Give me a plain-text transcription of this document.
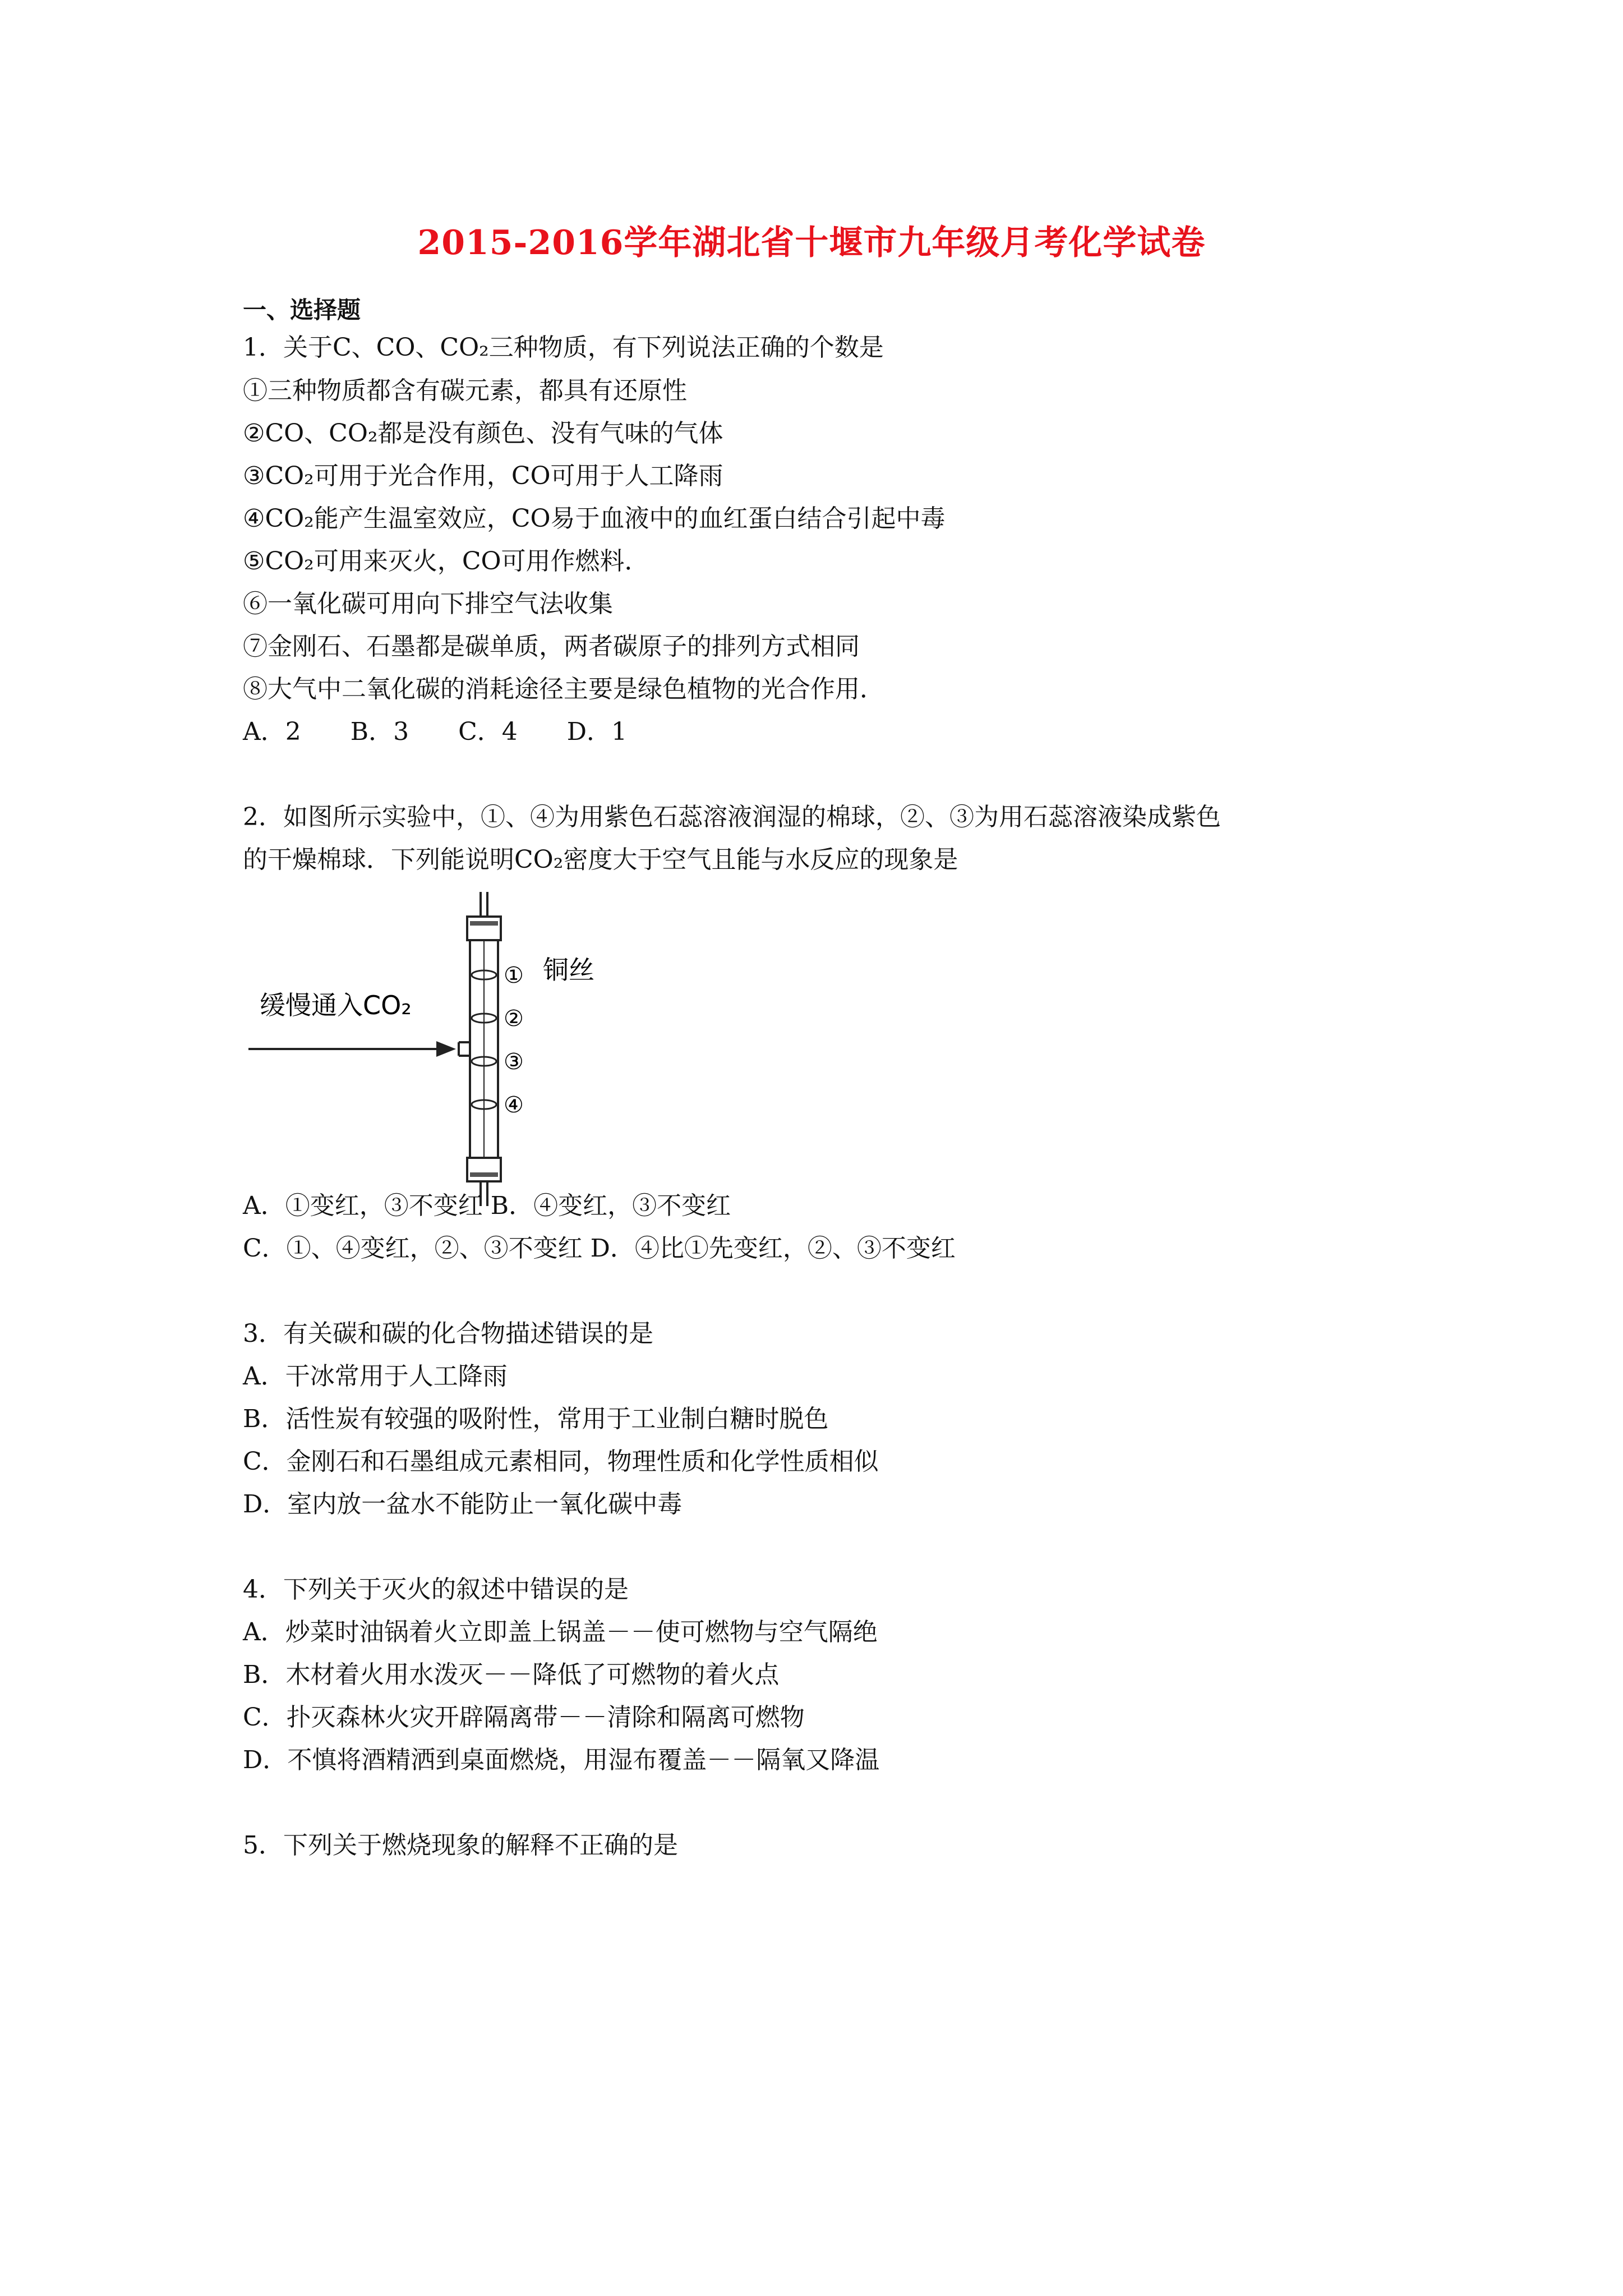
2015-2016学年湖北省十堰市九年级月考化学试卷
一、选择题
1．关于C、CO、CO₂三种物质，有下列说法正确的个数是
①三种物质都含有碳元素，都具有还原性
②CO、CO₂都是没有颜色、没有气味的气体
③CO₂可用于光合作用，CO可用于人工降雨
④CO₂能产生温室效应，CO易于血液中的血红蛋白结合引起中毒
⑤CO₂可用来灭火，CO可用作燃料．
⑥一氧化碳可用向下排空气法收集
⑦金刚石、石墨都是碳单质，两者碳原子的排列方式相同
⑧大气中二氧化碳的消耗途径主要是绿色植物的光合作用．
A．2　　B．3　　C．4　　D．1
2．如图所示实验中，①、④为用紫色石蕊溶液润湿的棉球，②、③为用石蕊溶液染成紫色
的干燥棉球．下列能说明CO₂密度大于空气且能与水反应的现象是
缓慢通入CO₂
铜丝
①
②
③
④
A．①变红，③不变红 B．④变红，③不变红
C．①、④变红，②、③不变红 D．④比①先变红，②、③不变红
3．有关碳和碳的化合物描述错误的是
A．干冰常用于人工降雨
B．活性炭有较强的吸附性，常用于工业制白糖时脱色
C．金刚石和石墨组成元素相同，物理性质和化学性质相似
D．室内放一盆水不能防止一氧化碳中毒
4．下列关于灭火的叙述中错误的是
A．炒菜时油锅着火立即盖上锅盖－－使可燃物与空气隔绝
B．木材着火用水泼灭－－降低了可燃物的着火点
C．扑灭森林火灾开辟隔离带－－清除和隔离可燃物
D．不慎将酒精洒到桌面燃烧，用湿布覆盖－－隔氧又降温
5．下列关于燃烧现象的解释不正确的是
